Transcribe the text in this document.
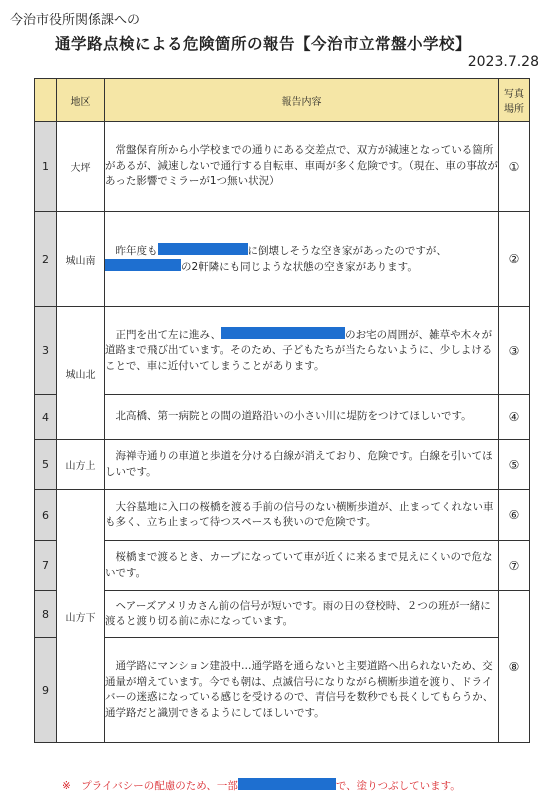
今治市役所関係課への
通学路点検による危険箇所の報告【今治市立常盤小学校】
2023.7.28
	地区	報告内容	写真場所
1	大坪	　常盤保育所から小学校までの通りにある交差点で、双方が減速となっている箇所があるが、減速しないで通行する自転車、車両が多く危険です。（現在、車の事故があった影響でミラーが1つ無い状況）	①
2	城山南	　昨年度も に倒壊しそうな空き家があったのですが、の2軒隣にも同じような状態の空き家があります。	②
3	城山北	　正門を出て左に進み、 のお宅の周囲が、雑草や木々が道路まで飛び出ています。そのため、子どもたちが当たらないように、少しよけることで、車に近付いてしまうことがあります。	③
4		　北高橋、第一病院との間の道路沿いの小さい川に堤防をつけてほしいです。	④
5	山方上	　海禅寺通りの車道と歩道を分ける白線が消えており、危険です。白線を引いてほしいです。	⑤
6	山方下	　大谷墓地に入口の桜橋を渡る手前の信号のない横断歩道が、止まってくれない車も多く、立ち止まって待つスペースも狭いので危険です。	⑥
7		　桜橋まで渡るとき、カーブになっていて車が近くに来るまで見えにくいので危ないです。	⑦
8		　ヘアーズアメリカさん前の信号が短いです。雨の日の登校時、２つの班が一緒に渡ると渡り切る前に赤になっています。	⑧
9		　通学路にマンション建設中…通学路を通らないと主要道路へ出られないため、交通量が増えています。今でも朝は、点滅信号になりながら横断歩道を渡り、ドライバーの迷惑になっている感じを受けるので、青信号を数秒でも長くしてもらうか、通学路だと識別できるようにしてほしいです。	
※　プライバシーの配慮のため、一部	で、塗りつぶしています。
